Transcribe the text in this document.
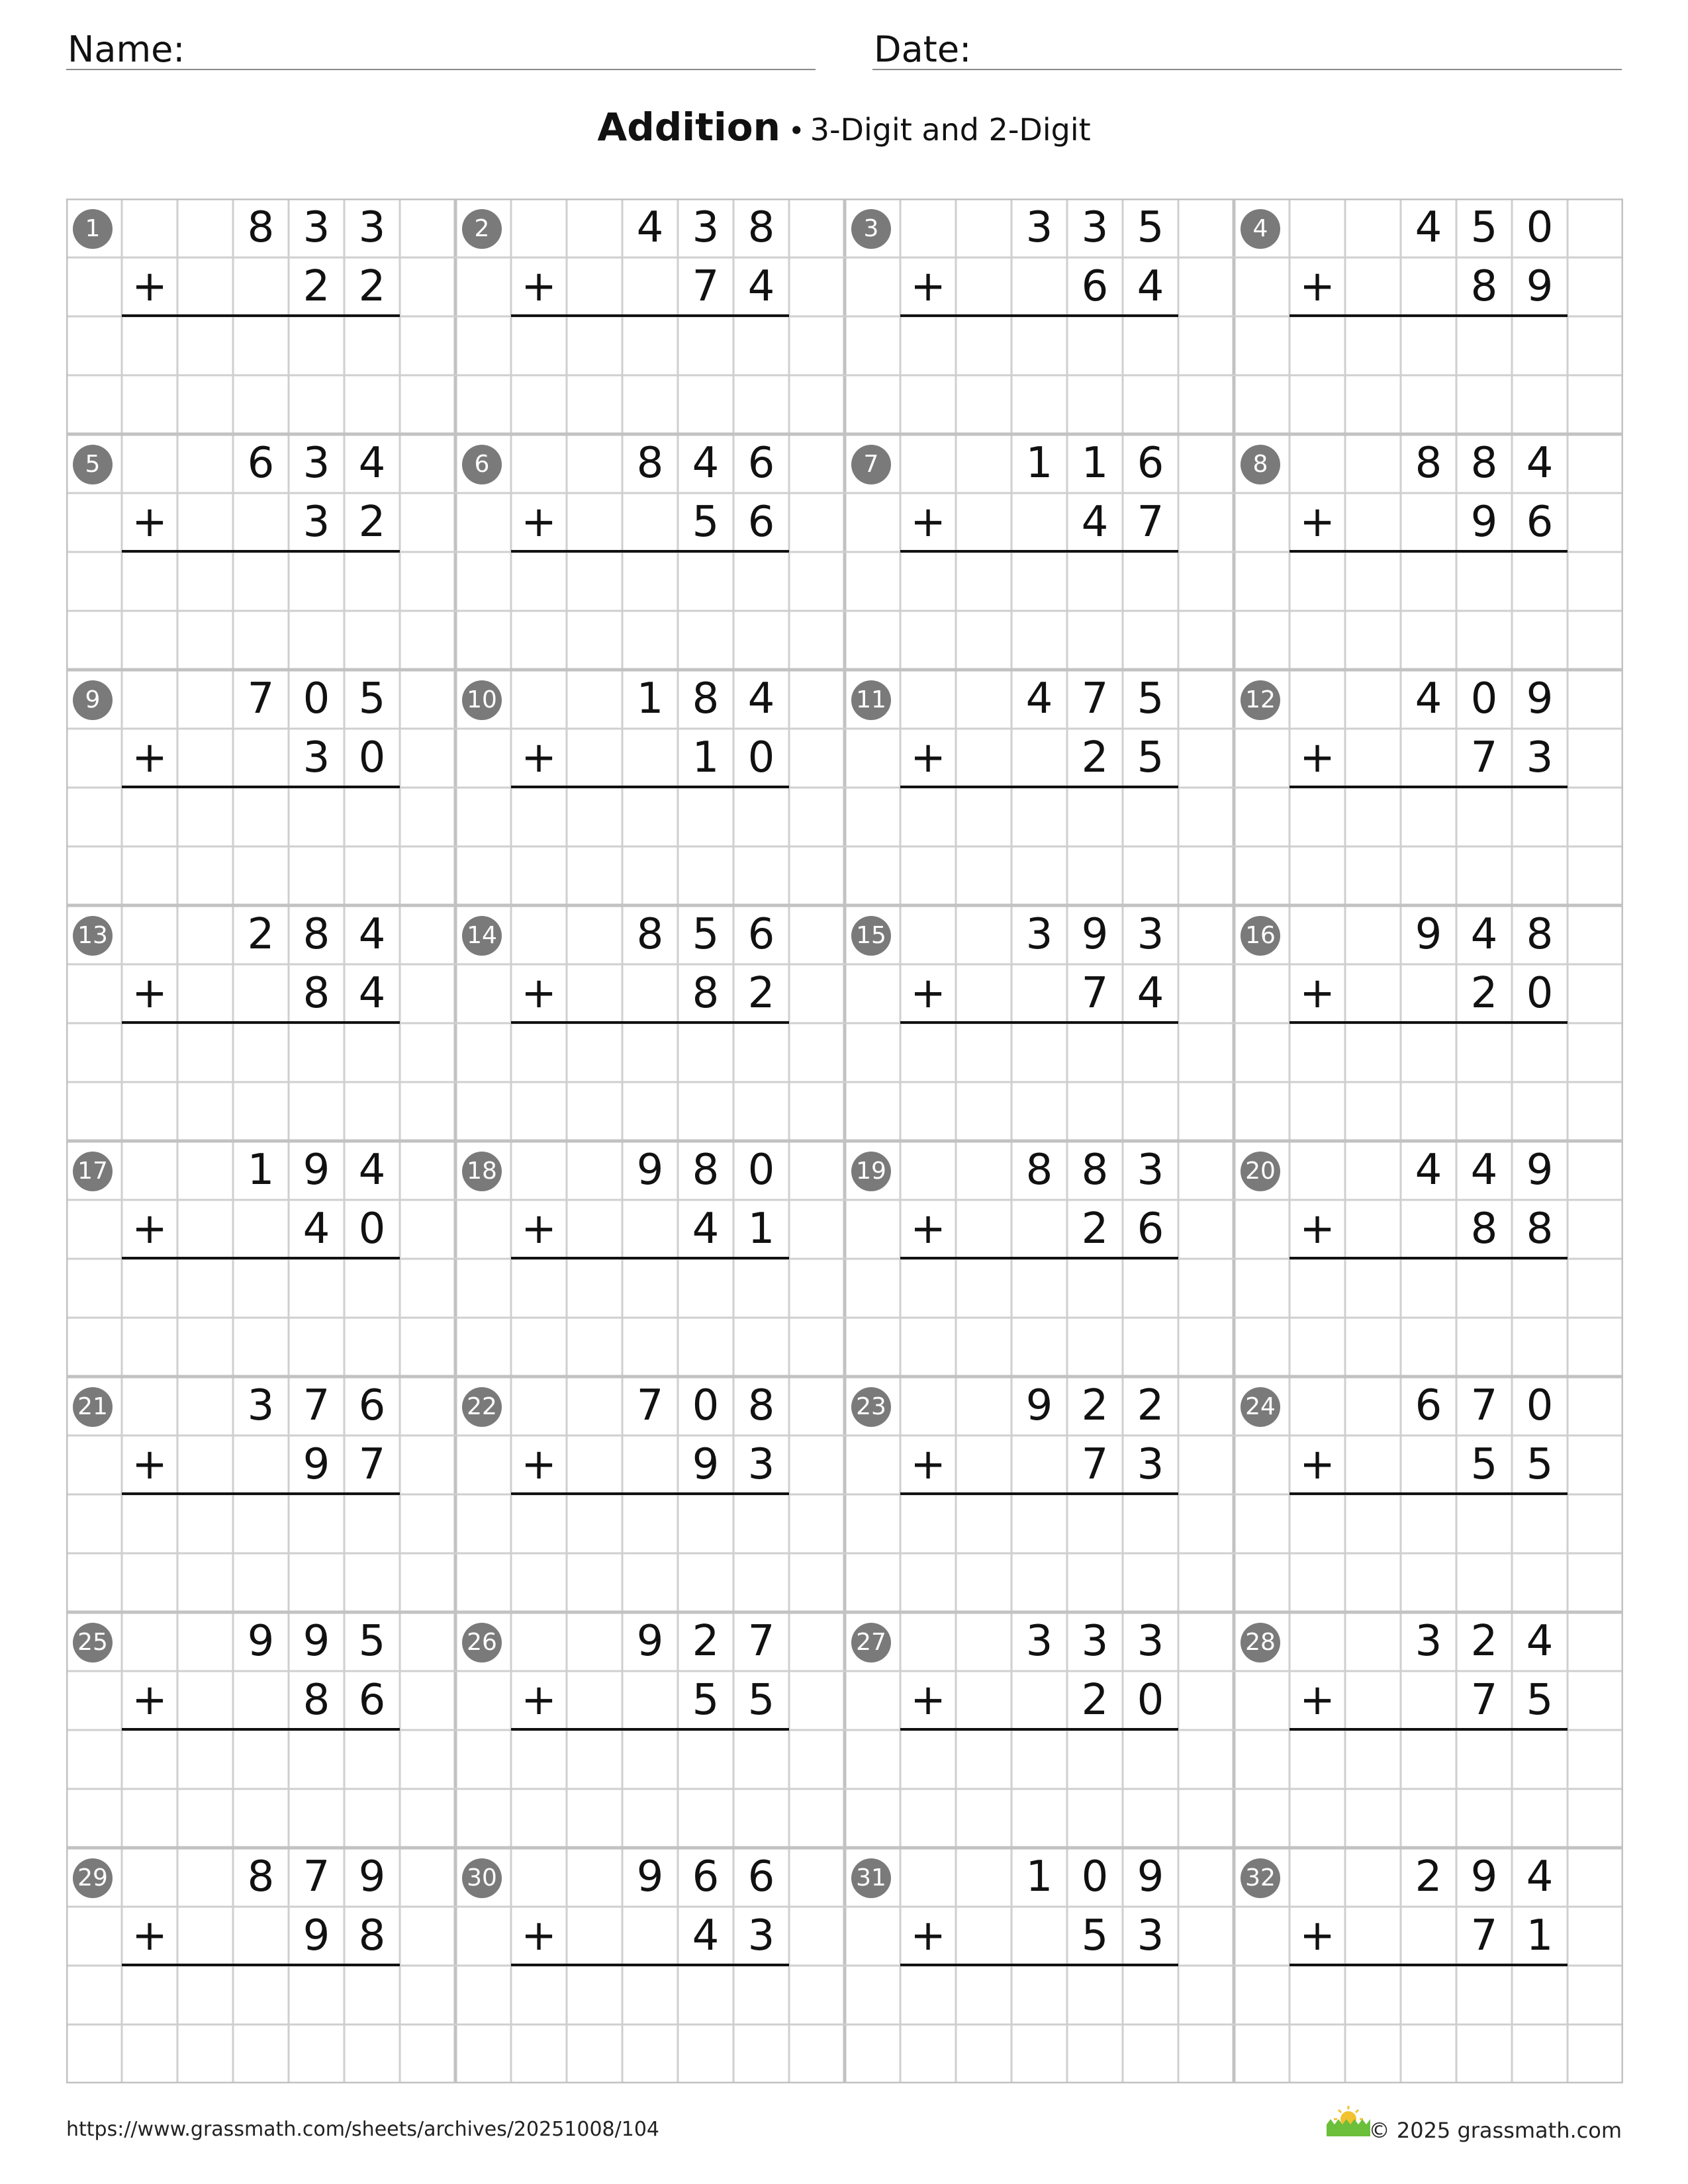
Name:	Date:
Addition • 3-Digit and 2-Digit
1	8 3 3
+	2 2
2	4 3 8
+	7 4
3	3 3 5
+	6 4
4	4 5 0
+	8 9
5	6 3 4
+	3 2
6	8 4 6
+	5 6
7	1 1 6
+	4 7
8	8 8 4
+	9 6
9	7 0 5
+	3 0
10	1 8 4
+	1 0
11	4 7 5
+	2 5
12	4 0 9
+	7 3
13	2 8 4
+	8 4
14	8 5 6
+	8 2
15	3 9 3
+	7 4
16	9 4 8
+	2 0
17	1 9 4
+	4 0
18	9 8 0
+	4 1
19	8 8 3
+	2 6
20	4 4 9
+	8 8
21	3 7 6
+	9 7
22	7 0 8
+	9 3
23	9 2 2
+	7 3
24	6 7 0
+	5 5
25	9 9 5
+	8 6
26	9 2 7
+	5 5
27	3 3 3
+	2 0
28	3 2 4
+	7 5
29	8 7 9
+	9 8
30	9 6 6
+	4 3
31	1 0 9
+	5 3
32	2 9 4
+	7 1
https://www.grassmath.com/sheets/archives/20251008/104	© 2025 grassmath.com
